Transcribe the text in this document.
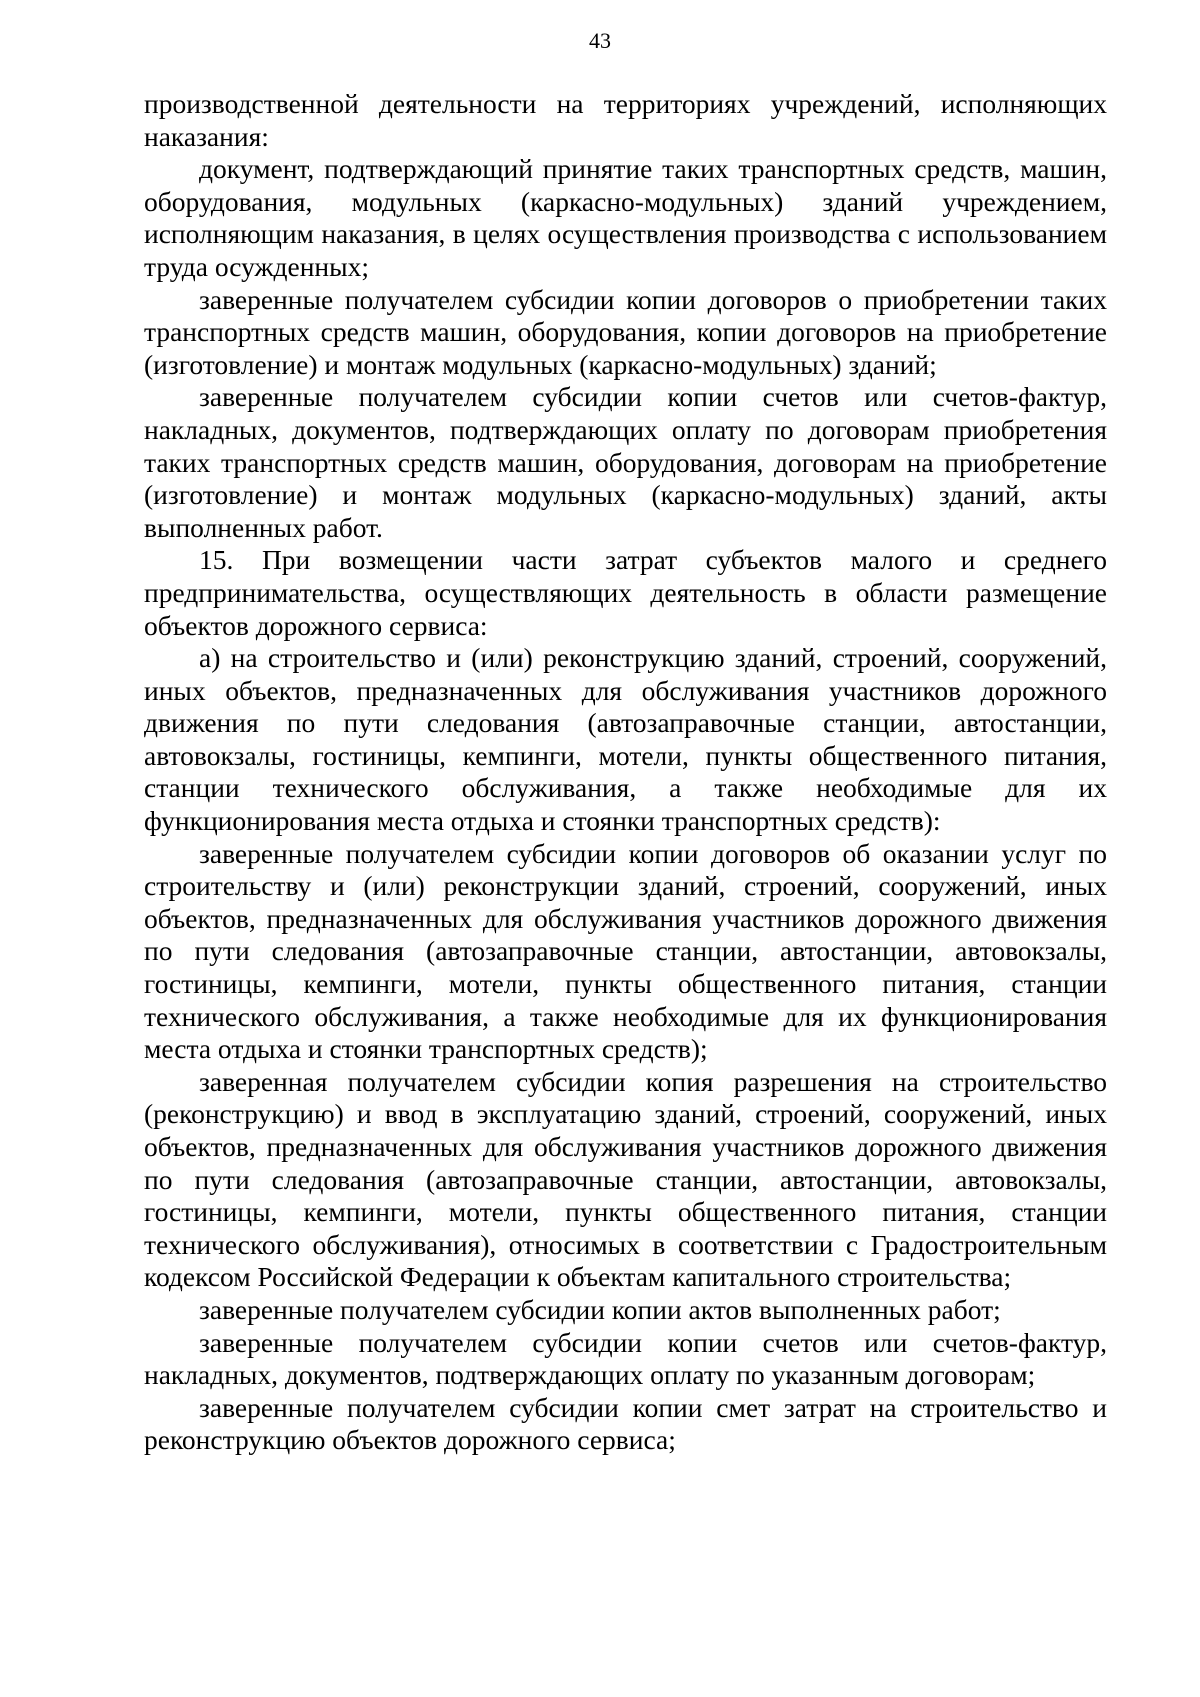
43

производственной деятельности на территориях учреждений, исполняющих наказания:

документ, подтверждающий принятие таких транспортных средств, машин, оборудования, модульных (каркасно-модульных) зданий учреждением, исполняющим наказания, в целях осуществления производства с использованием труда осужденных;

заверенные получателем субсидии копии договоров о приобретении таких транспортных средств машин, оборудования, копии договоров на приобретение (изготовление) и монтаж модульных (каркасно-модульных) зданий;

заверенные получателем субсидии копии счетов или счетов-фактур, накладных, документов, подтверждающих оплату по договорам приобретения таких транспортных средств машин, оборудования, договорам на приобретение (изготовление) и монтаж модульных (каркасно-модульных) зданий, акты выполненных работ.

15. При возмещении части затрат субъектов малого и среднего предпринимательства, осуществляющих деятельность в области размещение объектов дорожного сервиса:

а) на строительство и (или) реконструкцию зданий, строений, сооружений, иных объектов, предназначенных для обслуживания участников дорожного движения по пути следования (автозаправочные станции, автостанции, автовокзалы, гостиницы, кемпинги, мотели, пункты общественного питания, станции технического обслуживания, а также необходимые для их функционирования места отдыха и стоянки транспортных средств):

заверенные получателем субсидии копии договоров об оказании услуг по строительству и (или) реконструкции зданий, строений, сооружений, иных объектов, предназначенных для обслуживания участников дорожного движения по пути следования (автозаправочные станции, автостанции, автовокзалы, гостиницы, кемпинги, мотели, пункты общественного питания, станции технического обслуживания, а также необходимые для их функционирования места отдыха и стоянки транспортных средств);

заверенная получателем субсидии копия разрешения на строительство (реконструкцию) и ввод в эксплуатацию зданий, строений, сооружений, иных объектов, предназначенных для обслуживания участников дорожного движения по пути следования (автозаправочные станции, автостанции, автовокзалы, гостиницы, кемпинги, мотели, пункты общественного питания, станции технического обслуживания), относимых в соответствии с Градостроительным кодексом Российской Федерации к объектам капитального строительства;

заверенные получателем субсидии копии актов выполненных работ;

заверенные получателем субсидии копии счетов или счетов-фактур, накладных, документов, подтверждающих оплату по указанным договорам;

заверенные получателем субсидии копии смет затрат на строительство и реконструкцию объектов дорожного сервиса;
